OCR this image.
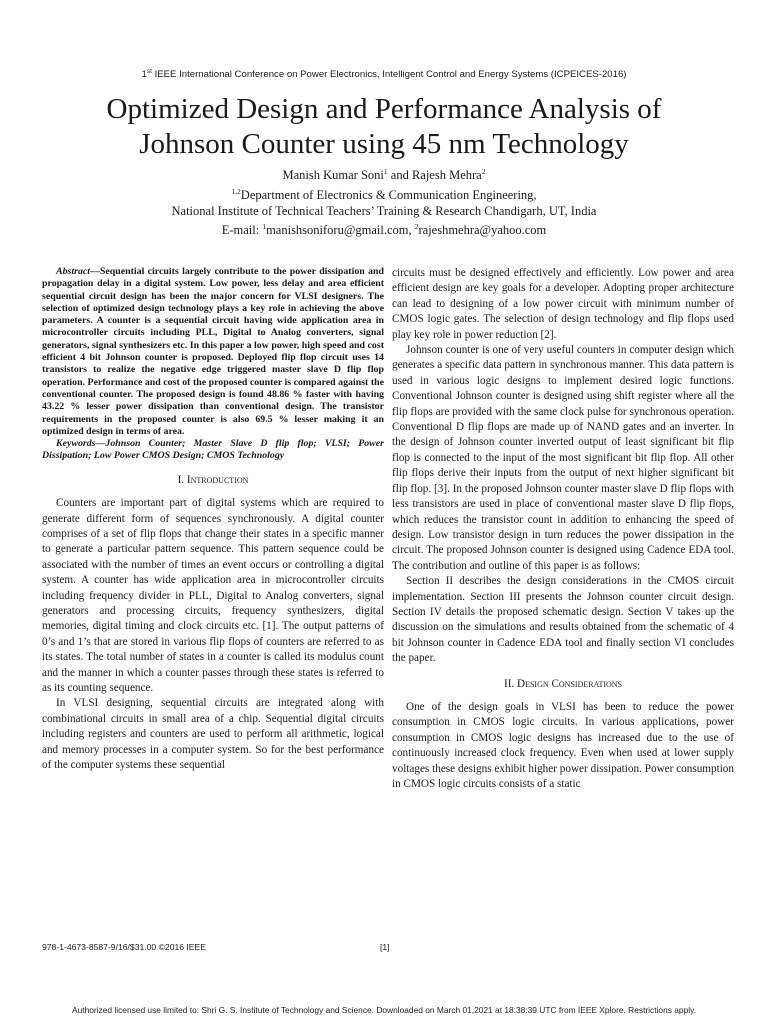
1st IEEE International Conference on Power Electronics, Intelligent Control and Energy Systems (ICPEICES-2016)
Optimized Design and Performance Analysis of
Johnson Counter using 45 nm Technology
Manish Kumar Soni$^1$ and Rajesh Mehra$^2$
$^{1,2}$Department of Electronics & Communication Engineering,
National Institute of Technical Teachers’ Training & Research Chandigarh, UT, India
E-mail: $^1$manishsoniforu@gmail.com, $^2$rajeshmehra@yahoo.com

Abstract—Sequential circuits largely contribute to the power dissipation and propagation delay in a digital system. Low power, less delay and area efficient sequential circuit design has been the major concern for VLSI designers. The selection of optimized design technology plays a key role in achieving the above parameters. A counter is a sequential circuit having wide application area in microcontroller circuits including PLL, Digital to Analog converters, signal generators, signal synthesizers etc. In this paper a low power, high speed and cost efficient 4 bit Johnson counter is proposed. Deployed flip flop circuit uses 14 transistors to realize the negative edge triggered master slave D flip flop operation. Performance and cost of the proposed counter is compared against the conventional counter. The proposed design is found 48.86 % faster with having 43.22 % lesser power dissipation than conventional design. The transistor requirements in the proposed counter is also 69.5 % lesser making it an optimized design in terms of area.

Keywords—Johnson Counter; Master Slave D flip flop; VLSI; Power Dissipation; Low Power CMOS Design; CMOS Technology

I. Introduction

Counters are important part of digital systems which are required to generate different form of sequences synchronously. A digital counter comprises of a set of flip flops that change their states in a specific manner to generate a particular pattern sequence. This pattern sequence could be associated with the number of times an event occurs or controlling a digital system. A counter has wide application area in microcontroller circuits including frequency divider in PLL, Digital to Analog converters, signal generators and processing circuits, frequency synthesizers, digital memories, digital timing and clock circuits etc. [1]. The output patterns of 0’s and 1’s that are stored in various flip flops of counters are referred to as its states. The total number of states in a counter is called its modulus count and the manner in which a counter passes through these states is referred to as its counting sequence.

In VLSI designing, sequential circuits are integrated along with combinational circuits in small area of a chip. Sequential digital circuits including registers and counters are used to perform all arithmetic, logical and memory processes in a computer system. So for the best performance of the computer systems these sequential

circuits must be designed effectively and efficiently. Low power and area efficient design are key goals for a developer. Adopting proper architecture can lead to designing of a low power circuit with minimum number of CMOS logic gates. The selection of design technology and flip flops used play key role in power reduction [2].

Johnson counter is one of very useful counters in computer design which generates a specific data pattern in synchronous manner. This data pattern is used in various logic designs to implement desired logic functions. Conventional Johnson counter is designed using shift register where all the flip flops are provided with the same clock pulse for synchronous operation. Conventional D flip flops are made up of NAND gates and an inverter. In the design of Johnson counter inverted output of least significant bit flip flop is connected to the input of the most significant bit flip flop. All other flip flops derive their inputs from the output of next higher significant bit flip flop. [3]. In the proposed Johnson counter master slave D flip flops with less transistors are used in place of conventional master slave D flip flops, which reduces the transistor count in addition to enhancing the speed of design. Low transistor design in turn reduces the power dissipation in the circuit. The proposed Johnson counter is designed using Cadence EDA tool. The contribution and outline of this paper is as follows:

Section II describes the design considerations in the CMOS circuit implementation. Section III presents the Johnson counter circuit design. Section IV details the proposed schematic design. Section V takes up the discussion on the simulations and results obtained from the schematic of 4 bit Johnson counter in Cadence EDA tool and finally section VI concludes the paper.

II. Design Considerations

One of the design goals in VLSI has been to reduce the power consumption in CMOS logic circuits. In various applications, power consumption in CMOS logic designs has increased due to the use of continuously increased clock frequency. Even when used at lower supply voltages these designs exhibit higher power dissipation. Power consumption in CMOS logic circuits consists of a static

978-1-4673-8587-9/16/$31.00 ©2016 IEEE	[1]
Authorized licensed use limited to: Shri G. S. Institute of Technology and Science. Downloaded on March 01,2021 at 18:38:39 UTC from IEEE Xplore. Restrictions apply.
